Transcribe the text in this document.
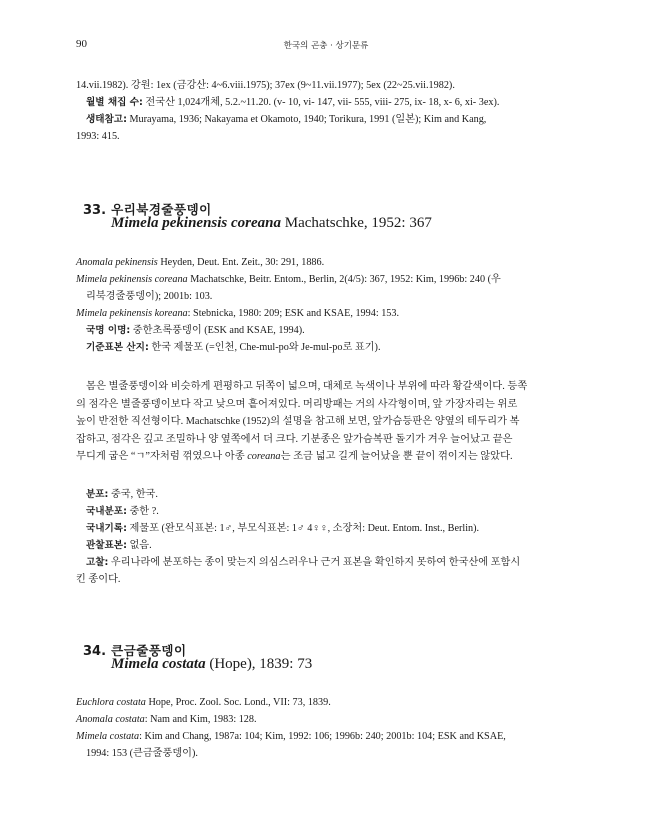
90	한국의 곤충 · 상기문류
14.vii.1982). 강원: 1ex (금강산: 4~6.viii.1975); 37ex (9~11.vii.1977); 5ex (22~25.vii.1982).
월별 채집 수: 전국산 1,024개체, 5.2.~11.20. (v- 10, vi- 147, vii- 555, viii- 275, ix- 18, x- 6, xi- 3ex).
생태참고: Murayama, 1936; Nakayama et Okamoto, 1940; Torikura, 1991 (일본); Kim and Kang,
1993: 415.
33. 우리북경줄풍뎅이
Mimela pekinensis coreana Machatschke, 1952: 367
Anomala pekinensis Heyden, Deut. Ent. Zeit., 30: 291, 1886.
Mimela pekinensis coreana Machatschke, Beitr. Entom., Berlin, 2(4/5): 367, 1952: Kim, 1996b: 240 (우
리북경줄풍뎅이); 2001b: 103.
Mimela pekinensis koreana: Stebnicka, 1980: 209; ESK and KSAE, 1994: 153.
국명 이명: 중한초록풍뎅이 (ESK and KSAE, 1994).
기준표본 산지: 한국 제물포 (=인천, Che-mul-po와 Je-mul-po로 표기).
몸은 별줄풍뎅이와 비슷하게 편평하고 뒤쪽이 넓으며, 대체로 녹색이나 부위에 따라 황갈색이다. 등쪽
의 점각은 별줄풍뎅이보다 작고 낮으며 흩어져있다. 머리방패는 거의 사각형이며, 앞 가장자리는 위로
높이 반전한 직선형이다. Machatschke (1952)의 설명을 참고해 보면, 앞가슴등판은 양옆의 테두리가 복
잡하고, 점각은 깊고 조밀하나 양 옆쪽에서 더 크다. 기분종은 앞가슴복판 돌기가 겨우 늘어났고 끝은
무디게 굽은 “ㄱ”자처럼 꺾였으나 아종 coreana는 조금 넓고 길게 늘어났을 뿐 끝이 꺾이지는 않았다.
분포: 중국, 한국.
국내분포: 중한 ?.
국내기록: 제물포 (완모식표본: 1♂, 부모식표본: 1♂ 4♀♀, 소장처: Deut. Entom. Inst., Berlin).
관찰표본: 없음.
고찰: 우리나라에 분포하는 종이 맞는지 의심스러우나 근거 표본을 확인하지 못하여 한국산에 포함시
킨 종이다.
34. 큰금줄풍뎅이
Mimela costata (Hope), 1839: 73
Euchlora costata Hope, Proc. Zool. Soc. Lond., VII: 73, 1839.
Anomala costata: Nam and Kim, 1983: 128.
Mimela costata: Kim and Chang, 1987a: 104; Kim, 1992: 106; 1996b: 240; 2001b: 104; ESK and KSAE,
1994: 153 (큰금줄풍뎅이).
